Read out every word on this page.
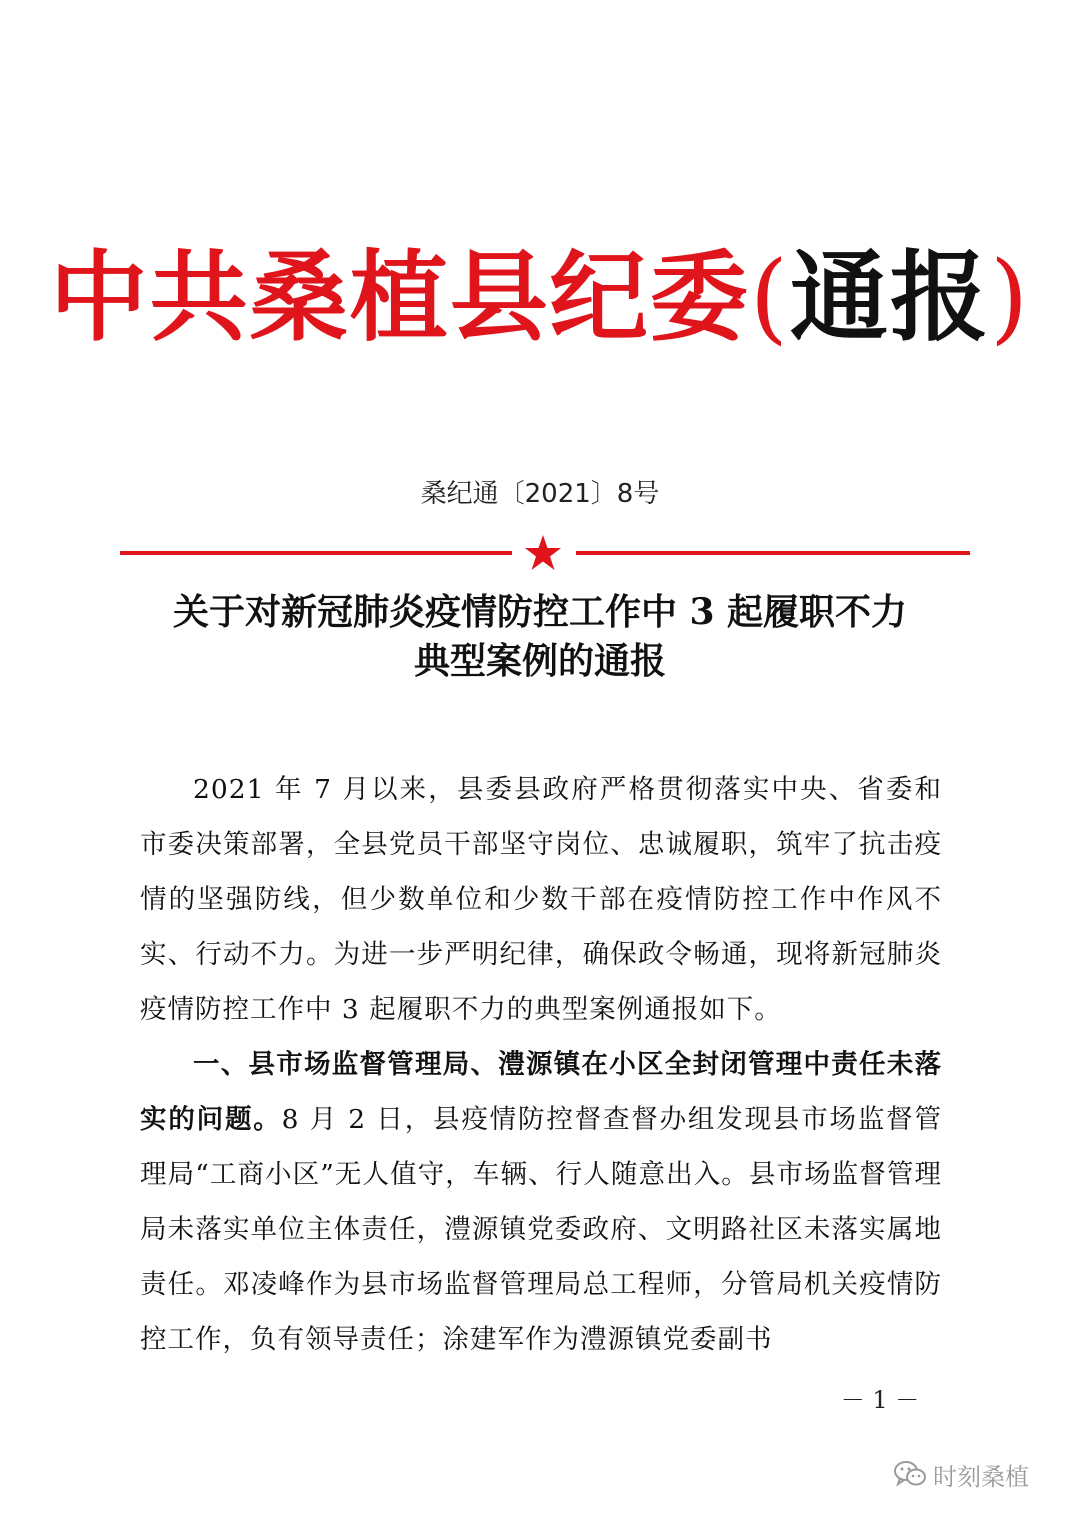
中共桑植县纪委(通报)
桑纪通〔2021〕8号
关于对新冠肺炎疫情防控工作中 3 起履职不力
典型案例的通报

2021 年 7 月以来，县委县政府严格贯彻落实中央、省委和市委决策部署，全县党员干部坚守岗位、忠诚履职，筑牢了抗击疫情的坚强防线，但少数单位和少数干部在疫情防控工作中作风不实、行动不力。为进一步严明纪律，确保政令畅通，现将新冠肺炎疫情防控工作中 3 起履职不力的典型案例通报如下。

一、县市场监督管理局、澧源镇在小区全封闭管理中责任未落实的问题。8 月 2 日，县疫情防控督查督办组发现县市场监督管理局“工商小区”无人值守，车辆、行人随意出入。县市场监督管理局未落实单位主体责任，澧源镇党委政府、文明路社区未落实属地责任。邓凌峰作为县市场监督管理局总工程师，分管局机关疫情防控工作，负有领导责任；涂建军作为澧源镇党委副书

－ 1 －
时刻桑植
